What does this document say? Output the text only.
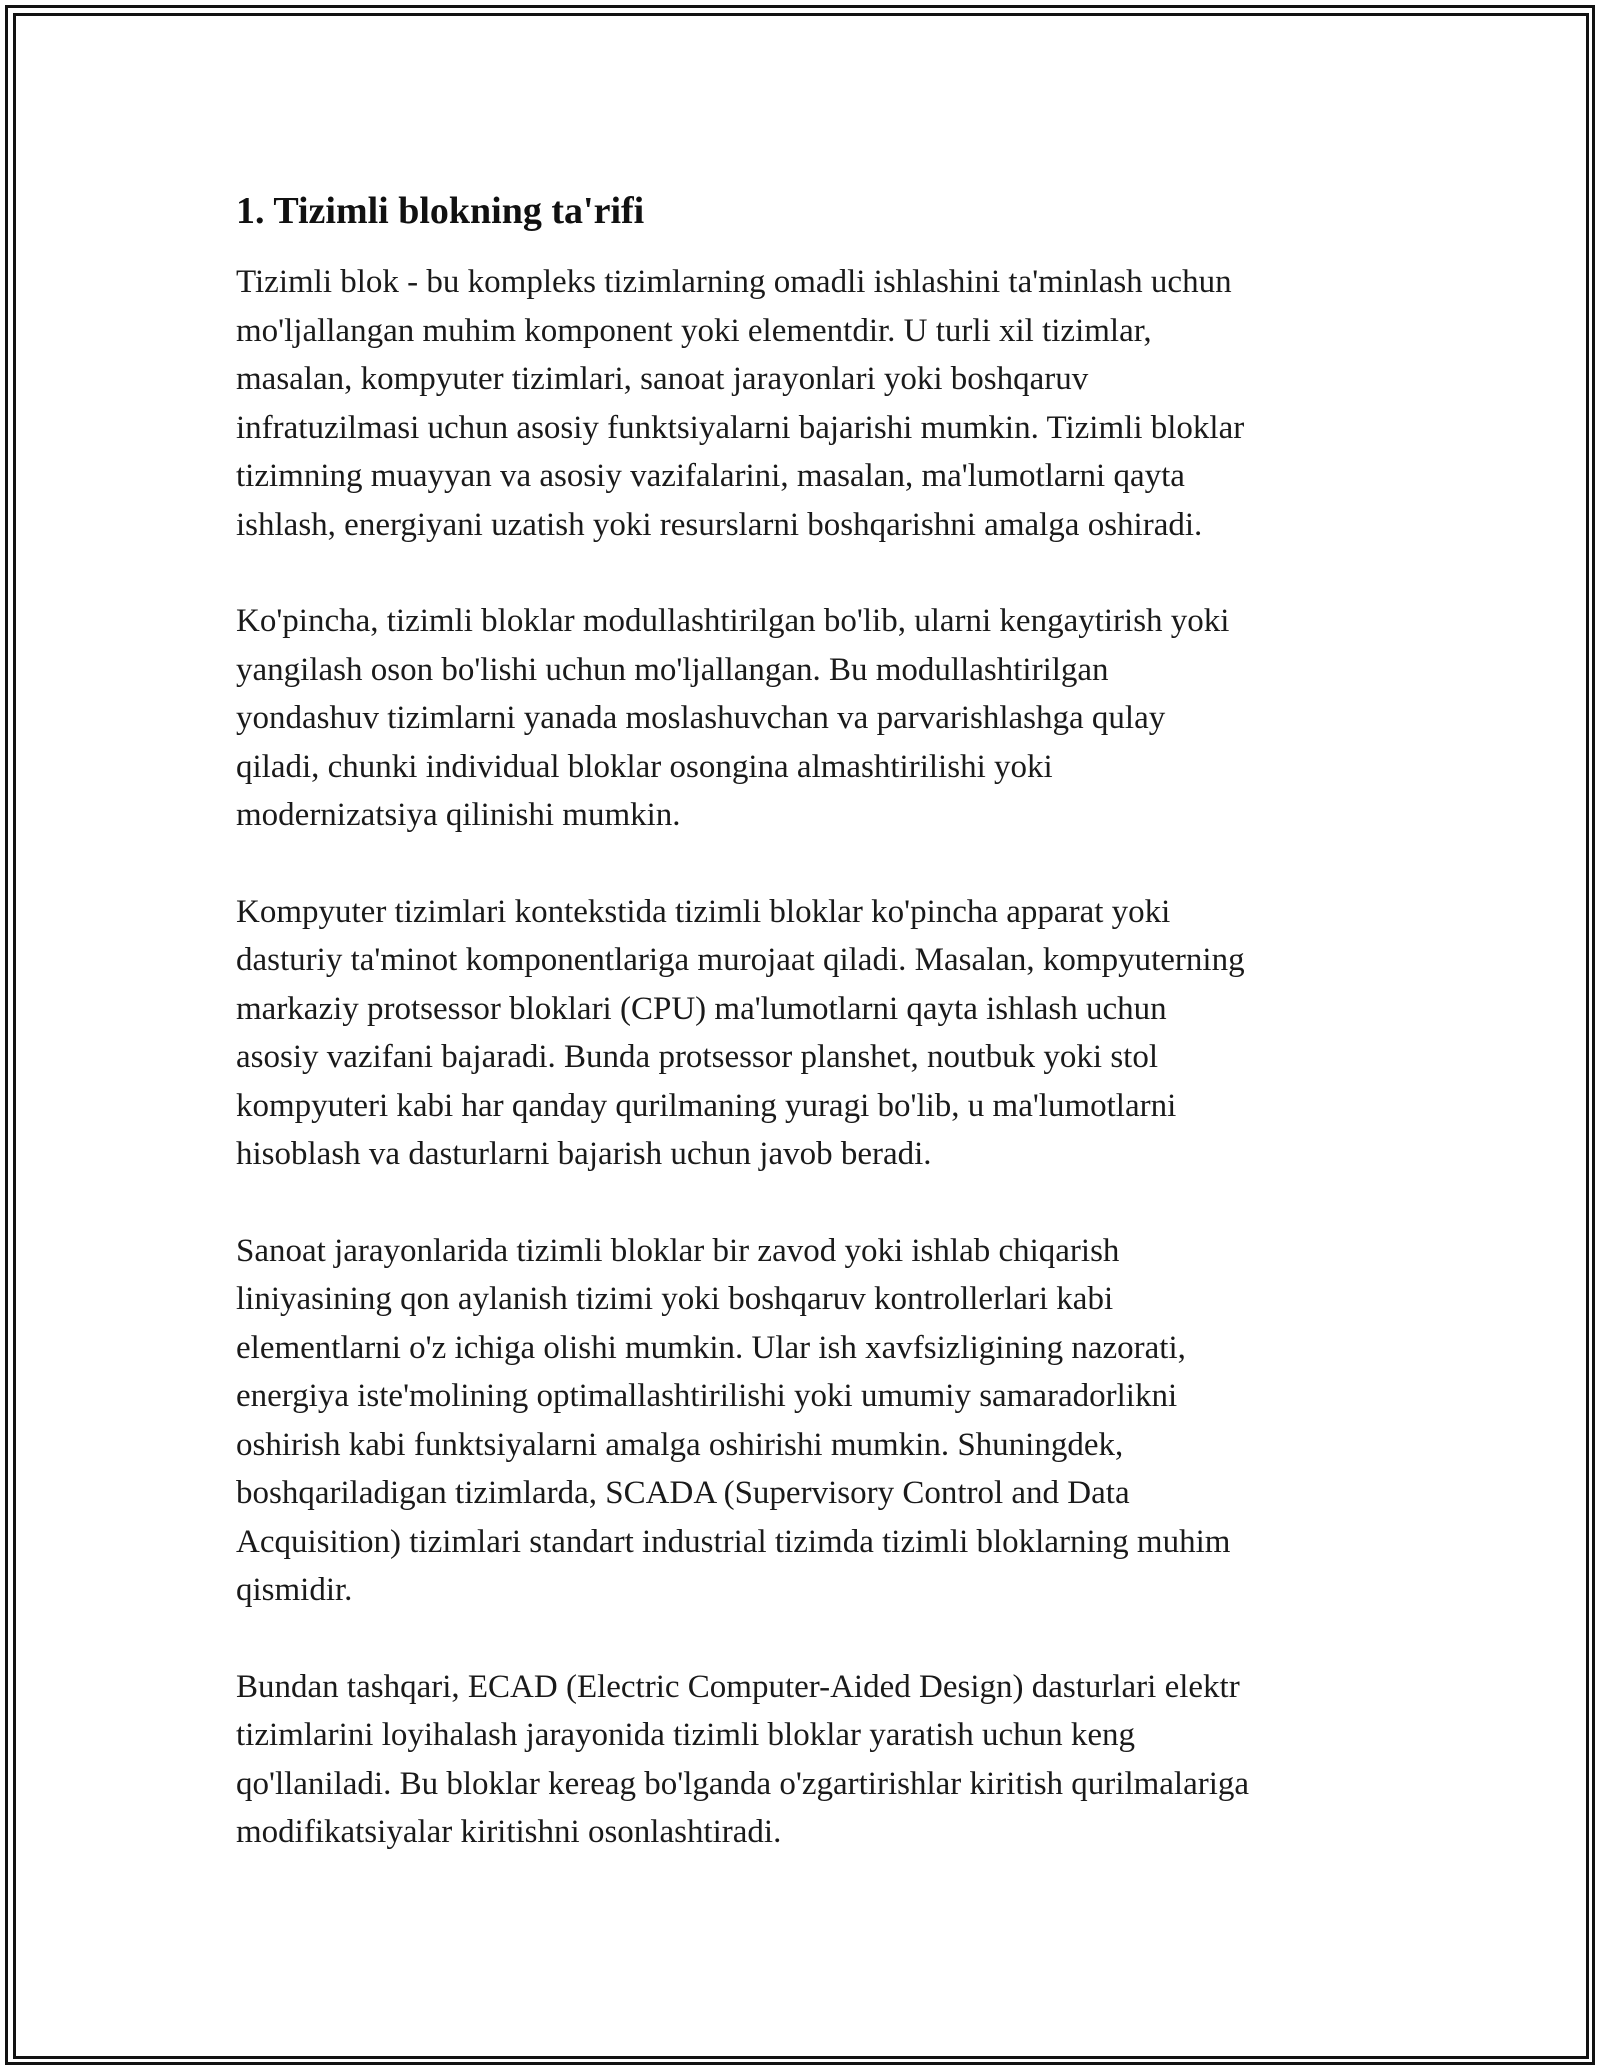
1. Tizimli blokning ta'rifi

Tizimli blok - bu kompleks tizimlarning omadli ishlashini ta'minlash uchun
mo'ljallangan muhim komponent yoki elementdir. U turli xil tizimlar,
masalan, kompyuter tizimlari, sanoat jarayonlari yoki boshqaruv
infratuzilmasi uchun asosiy funktsiyalarni bajarishi mumkin. Tizimli bloklar
tizimning muayyan va asosiy vazifalarini, masalan, ma'lumotlarni qayta
ishlash, energiyani uzatish yoki resurslarni boshqarishni amalga oshiradi.

Ko'pincha, tizimli bloklar modullashtirilgan bo'lib, ularni kengaytirish yoki
yangilash oson bo'lishi uchun mo'ljallangan. Bu modullashtirilgan
yondashuv tizimlarni yanada moslashuvchan va parvarishlashga qulay
qiladi, chunki individual bloklar osongina almashtirilishi yoki
modernizatsiya qilinishi mumkin.

Kompyuter tizimlari kontekstida tizimli bloklar ko'pincha apparat yoki
dasturiy ta'minot komponentlariga murojaat qiladi. Masalan, kompyuterning
markaziy protsessor bloklari (CPU) ma'lumotlarni qayta ishlash uchun
asosiy vazifani bajaradi. Bunda protsessor planshet, noutbuk yoki stol
kompyuteri kabi har qanday qurilmaning yuragi bo'lib, u ma'lumotlarni
hisoblash va dasturlarni bajarish uchun javob beradi.

Sanoat jarayonlarida tizimli bloklar bir zavod yoki ishlab chiqarish
liniyasining qon aylanish tizimi yoki boshqaruv kontrollerlari kabi
elementlarni o'z ichiga olishi mumkin. Ular ish xavfsizligining nazorati,
energiya iste'molining optimallashtirilishi yoki umumiy samaradorlikni
oshirish kabi funktsiyalarni amalga oshirishi mumkin. Shuningdek,
boshqariladigan tizimlarda, SCADA (Supervisory Control and Data
Acquisition) tizimlari standart industrial tizimda tizimli bloklarning muhim
qismidir.

Bundan tashqari, ECAD (Electric Computer-Aided Design) dasturlari elektr
tizimlarini loyihalash jarayonida tizimli bloklar yaratish uchun keng
qo'llaniladi. Bu bloklar kereag bo'lganda o'zgartirishlar kiritish qurilmalariga
modifikatsiyalar kiritishni osonlashtiradi.
